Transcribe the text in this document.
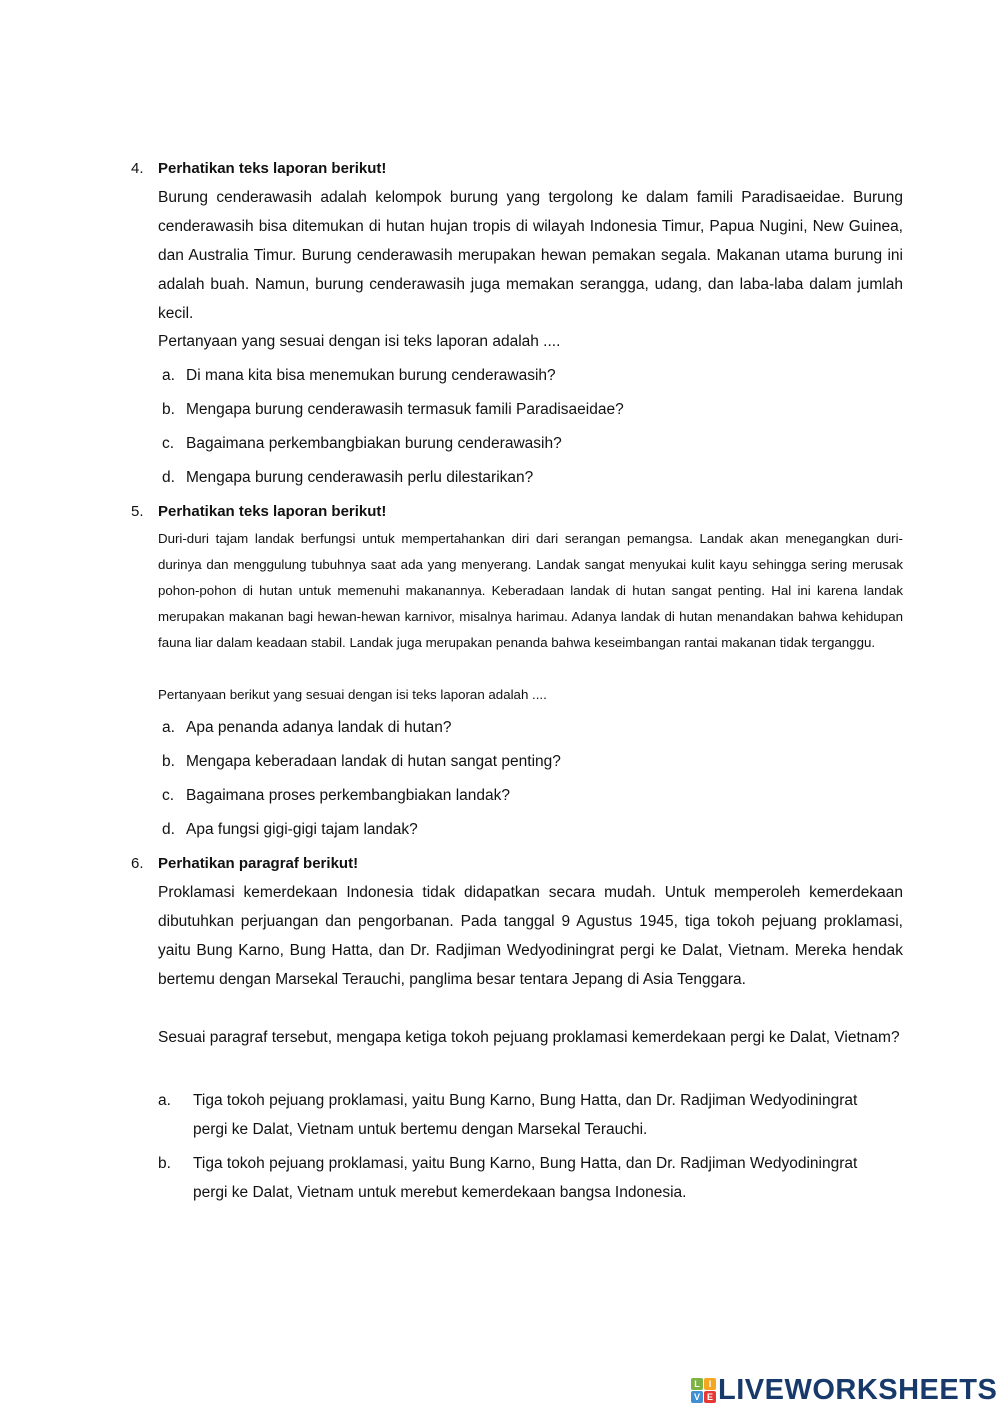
4. Perhatikan teks laporan berikut!
Burung cenderawasih adalah kelompok burung yang tergolong ke dalam famili Paradisaeidae. Burung cenderawasih bisa ditemukan di hutan hujan tropis di wilayah Indonesia Timur, Papua Nugini, New Guinea, dan Australia Timur. Burung cenderawasih merupakan hewan pemakan segala. Makanan utama burung ini adalah buah. Namun, burung cenderawasih juga memakan serangga, udang, dan laba-laba dalam jumlah kecil.
Pertanyaan yang sesuai dengan isi teks laporan adalah ....
a. Di mana kita bisa menemukan burung cenderawasih?
b. Mengapa burung cenderawasih termasuk famili Paradisaeidae?
c. Bagaimana perkembangbiakan burung cenderawasih?
d. Mengapa burung cenderawasih perlu dilestarikan?
5. Perhatikan teks laporan berikut!
Duri-duri tajam landak berfungsi untuk mempertahankan diri dari serangan pemangsa. Landak akan menegangkan duri-durinya dan menggulung tubuhnya saat ada yang menyerang. Landak sangat menyukai kulit kayu sehingga sering merusak pohon-pohon di hutan untuk memenuhi makanannya. Keberadaan landak di hutan sangat penting. Hal ini karena landak merupakan makanan bagi hewan-hewan karnivor, misalnya harimau. Adanya landak di hutan menandakan bahwa kehidupan fauna liar dalam keadaan stabil. Landak juga merupakan penanda bahwa keseimbangan rantai makanan tidak terganggu.
Pertanyaan berikut yang sesuai dengan isi teks laporan adalah ....
a. Apa penanda adanya landak di hutan?
b. Mengapa keberadaan landak di hutan sangat penting?
c. Bagaimana proses perkembangbiakan landak?
d. Apa fungsi gigi-gigi tajam landak?
6. Perhatikan paragraf berikut!
Proklamasi kemerdekaan Indonesia tidak didapatkan secara mudah. Untuk memperoleh kemerdekaan dibutuhkan perjuangan dan pengorbanan. Pada tanggal 9 Agustus 1945, tiga tokoh pejuang proklamasi, yaitu Bung Karno, Bung Hatta, dan Dr. Radjiman Wedyodiningrat pergi ke Dalat, Vietnam. Mereka hendak bertemu dengan Marsekal Terauchi, panglima besar tentara Jepang di Asia Tenggara.
Sesuai paragraf tersebut, mengapa ketiga tokoh pejuang proklamasi kemerdekaan pergi ke Dalat, Vietnam?
a. Tiga tokoh pejuang proklamasi, yaitu Bung Karno, Bung Hatta, dan Dr. Radjiman Wedyodiningrat pergi ke Dalat, Vietnam untuk bertemu dengan Marsekal Terauchi.
b. Tiga tokoh pejuang proklamasi, yaitu Bung Karno, Bung Hatta, dan Dr. Radjiman Wedyodiningrat pergi ke Dalat, Vietnam untuk merebut kemerdekaan bangsa Indonesia.
L I
V E LIVEWORKSHEETS
